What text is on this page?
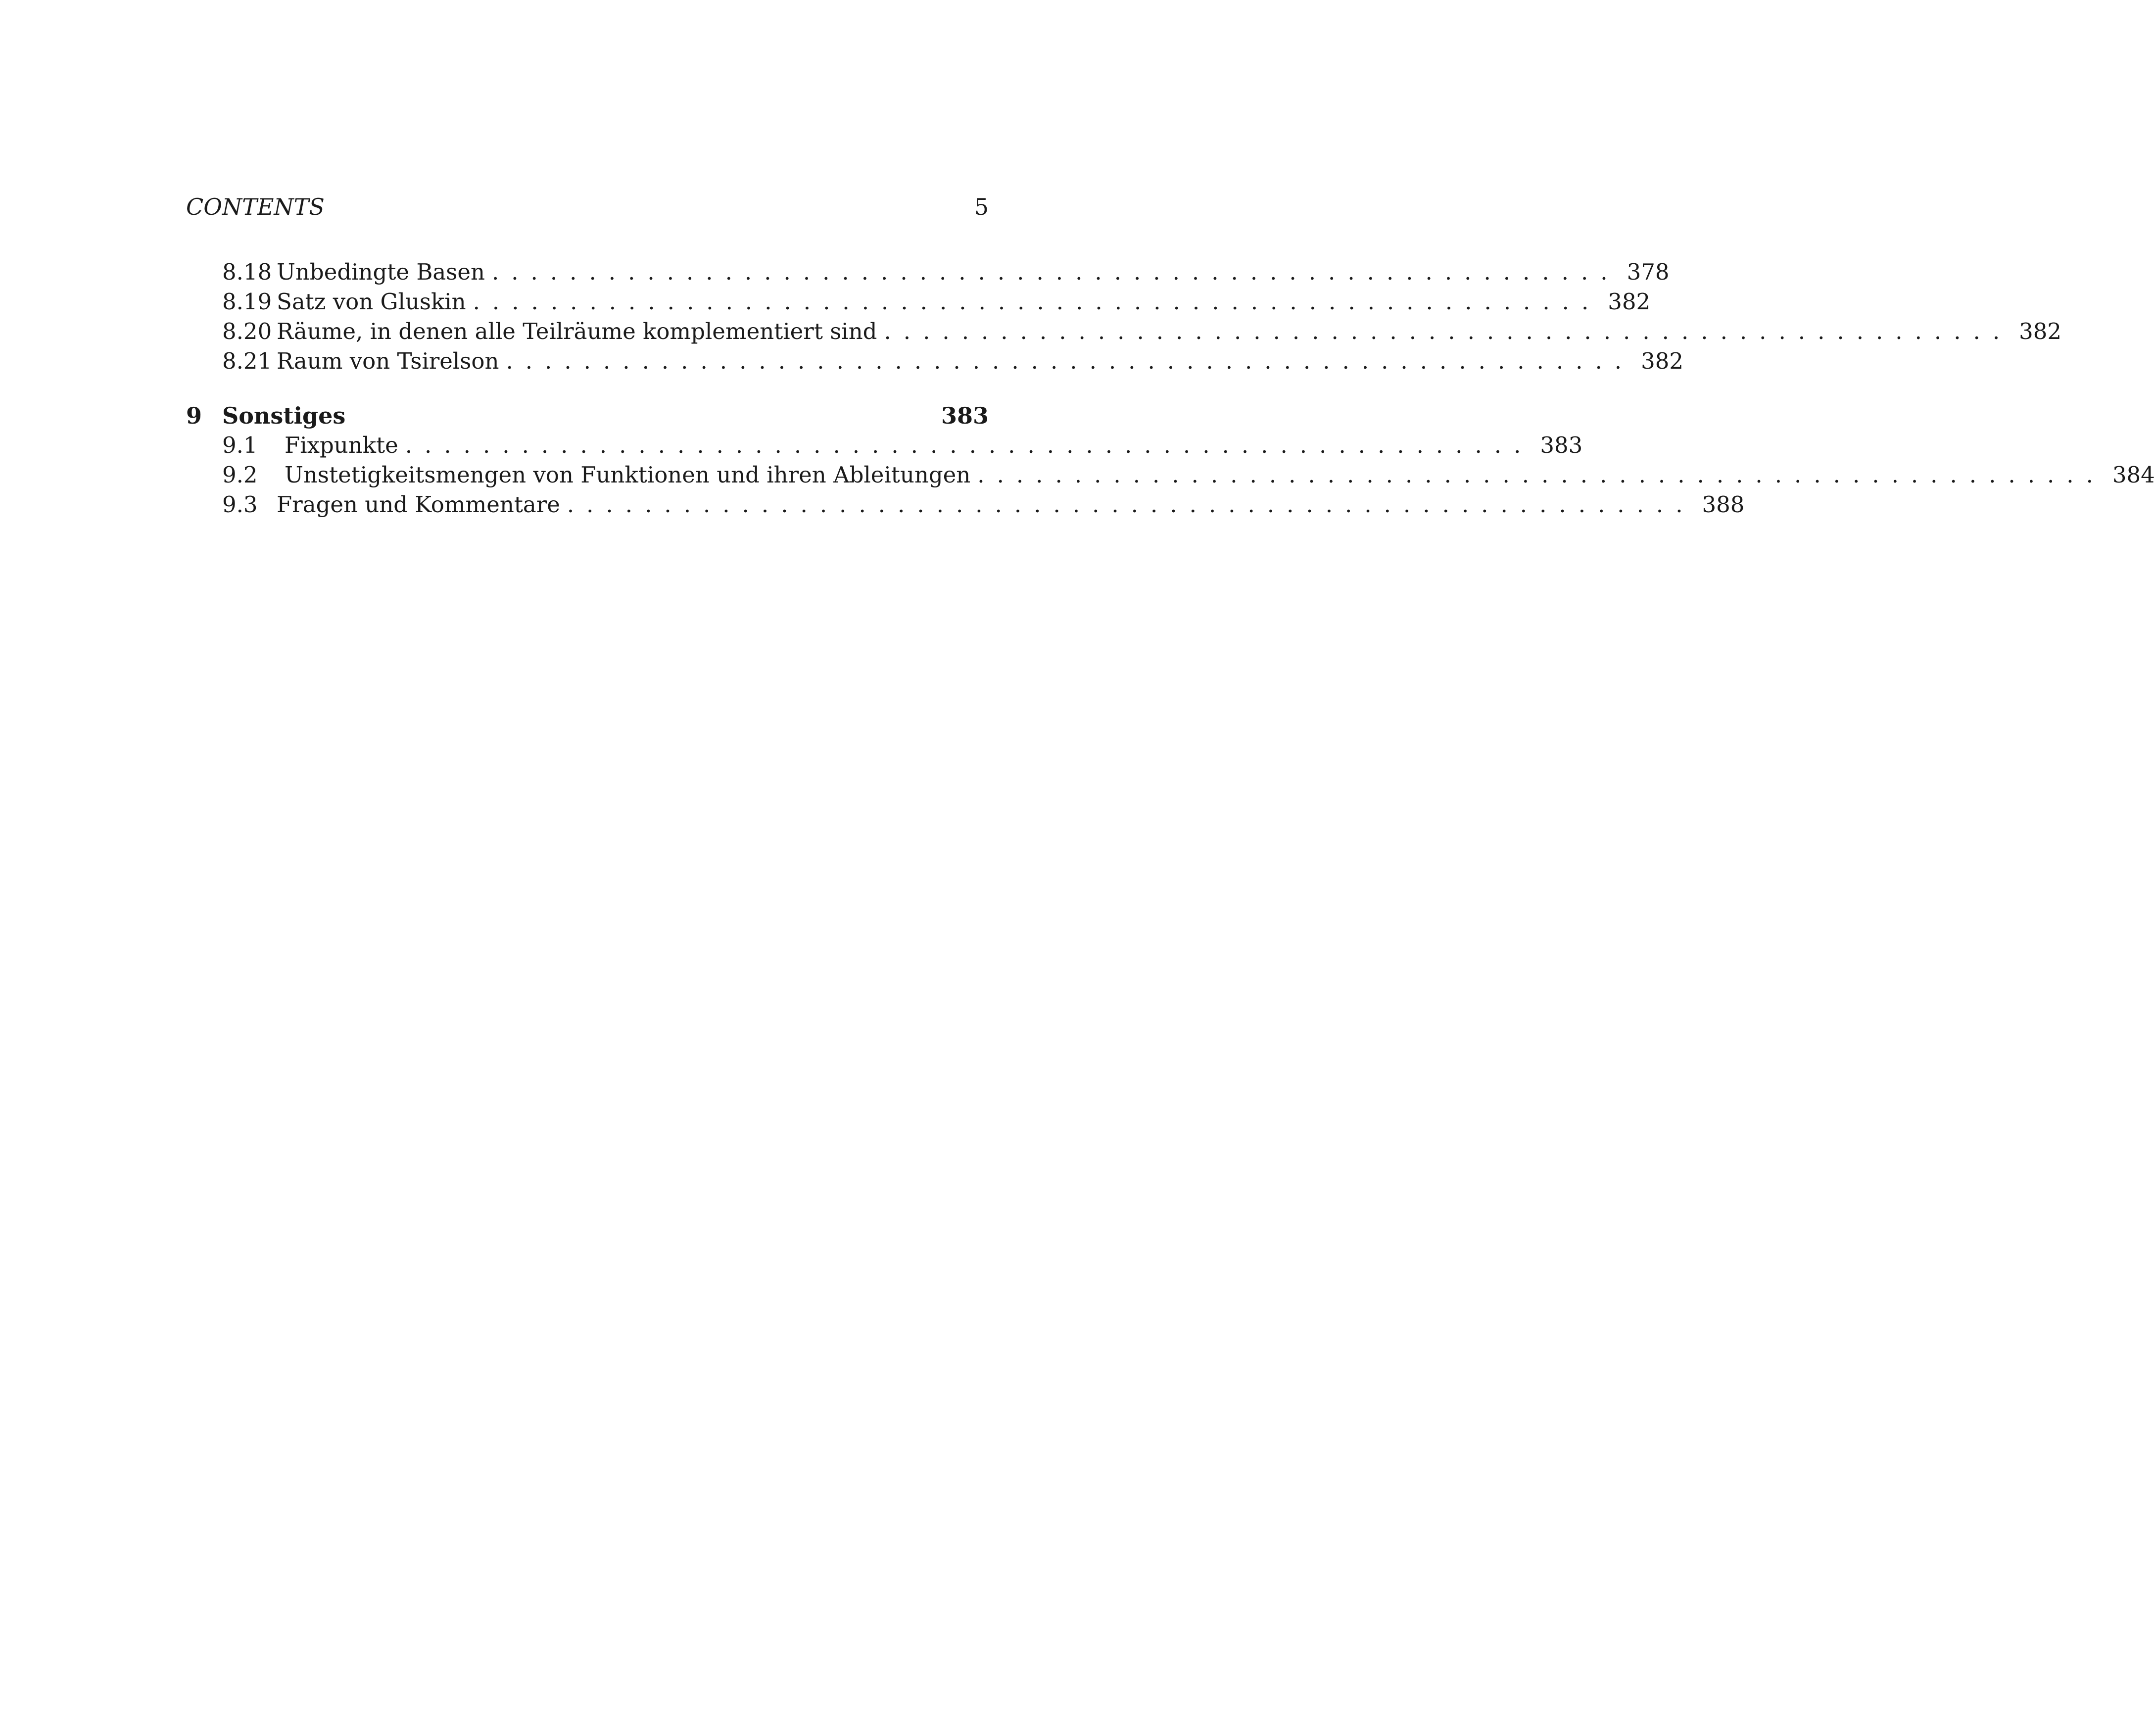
CONTENTS	5
8.18 Unbedingte Basen .......................................................... 378
8.19 Satz von Gluskin .......................................................... 382
8.20 Räume, in denen alle Teilräume komplementiert sind .......................................................... 382
8.21 Raum von Tsirelson .......................................................... 382
9 Sonstiges	383
9.1	Fixpunkte .......................................................... 383
9.2	Unstetigkeitsmengen von Funktionen und ihren Ableitungen .......................................................... 384
9.3 Fragen und Kommentare .......................................................... 388
